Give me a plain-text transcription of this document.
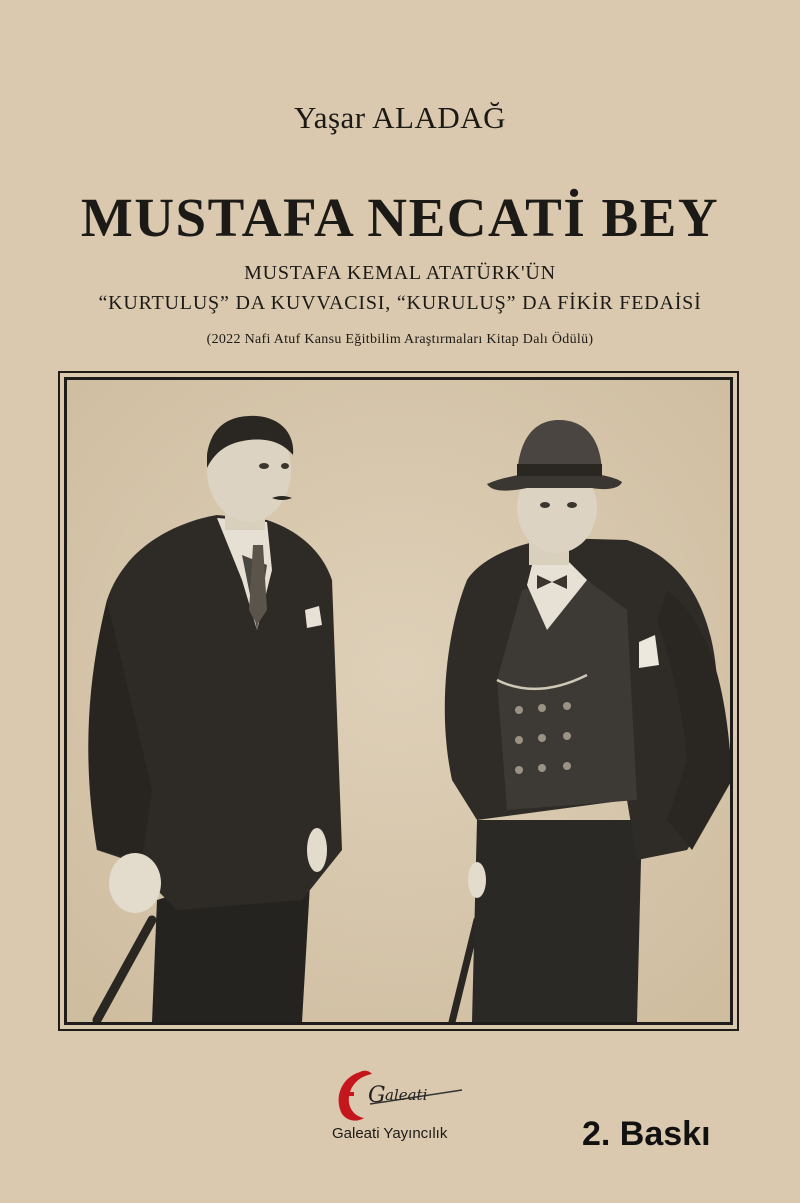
Yaşar ALADAĞ
MUSTAFA NECATİ BEY
MUSTAFA KEMAL ATATÜRK'ÜN
“KURTULUŞ” DA KUVVACISI, “KURULUŞ” DA FİKİR FEDAİSİ
(2022 Nafi Atuf Kansu Eğitbilim Araştırmaları Kitap Dalı Ödülü)
G aleati
Galeati Yayıncılık	2. Baskı
